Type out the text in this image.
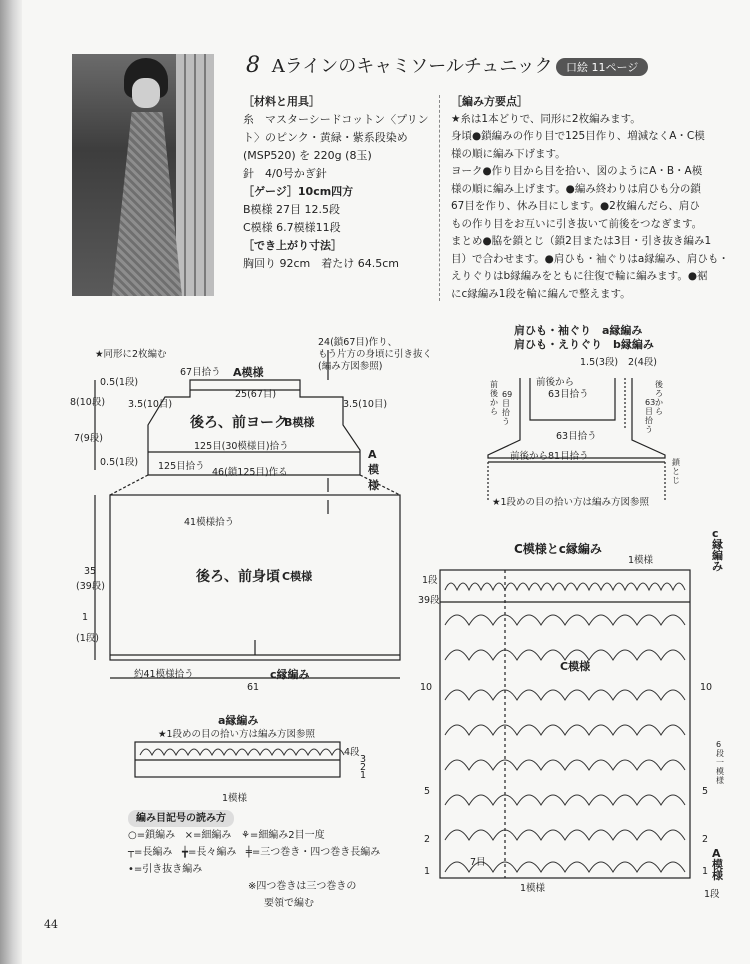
8 Aラインのキャミソールチュニック	口絵 11ページ
［材料と用具］
糸　マスターシードコットン〈プリン
ト〉のピンク・黄緑・紫系段染め
(MSP520) を 220g (8玉)
針　4/0号かぎ針
［ゲージ］10cm四方
B模様 27目 12.5段
C模様 6.7模様11段
［でき上がり寸法］
胸回り 92cm　着たけ 64.5cm
［編み方要点］
★糸は1本どりで、同形に2枚編みます。
身頃●鎖編みの作り目で125目作り、増減なくA・C模
様の順に編み下げます。
ヨーク●作り目から目を拾い、図のようにA・B・A模
様の順に編み上げます。●編み終わりは肩ひも分の鎖
67目を作り、休み目にします。●2枚編んだら、肩ひ
もの作り目をお互いに引き抜いて前後をつなぎます。
まとめ●脇を鎖とじ（鎖2目または3目・引き抜き編み1
目）で合わせます。●肩ひも・袖ぐりはa縁編み、肩ひも・
えりぐりはb縁編みをともに往復で輪に編みます。●裾
にc縁編み1段を輪に編んで整えます。
★同形に2枚編む
67目拾う A模様
25(67目)
24(鎖67目)作り、
もう片方の身頃に引き抜く
(編み方図参照)
後ろ、前ヨーク
B模様
0.5(1段)
8(10段) 3.5(10目)	3.5(10目)
7(9段)
0.5(1段)
125目(30模様目)拾う
125目拾う
46(鎖125目)作る
A模様
41模様拾う
後ろ、前身頃 C模様
35
(39段)
1
(1段)
約41模様拾う	c縁編み
61
肩ひも・袖ぐり　a縁編み
肩ひも・えりぐり　b縁編み
1.5(3段) 2(4段)
前後から
63目拾う
前後から
69目拾う
63目拾う
後ろから
63目拾う
前後から81目拾う
鎖とじ
★1段めの目の拾い方は編み方図参照
a縁編み
★1段めの目の拾い方は編み方図参照
4段
3
2
1
1模様
C模様とc縁編み
1模様
c縁編み
1段
39段
C模様
10	10
5	5
2	2
1	1
6段一模様
7目
1模様
A模様
1段
編み目記号の読み方
○=鎖編み ×=細編み ⚘=細編み2目一度
┬=長編み ╈=長々編み ╪=三つ巻き・四つ巻き長編み
•=引き抜き編み
※四つ巻きは三つ巻きの
要領で編む
44
